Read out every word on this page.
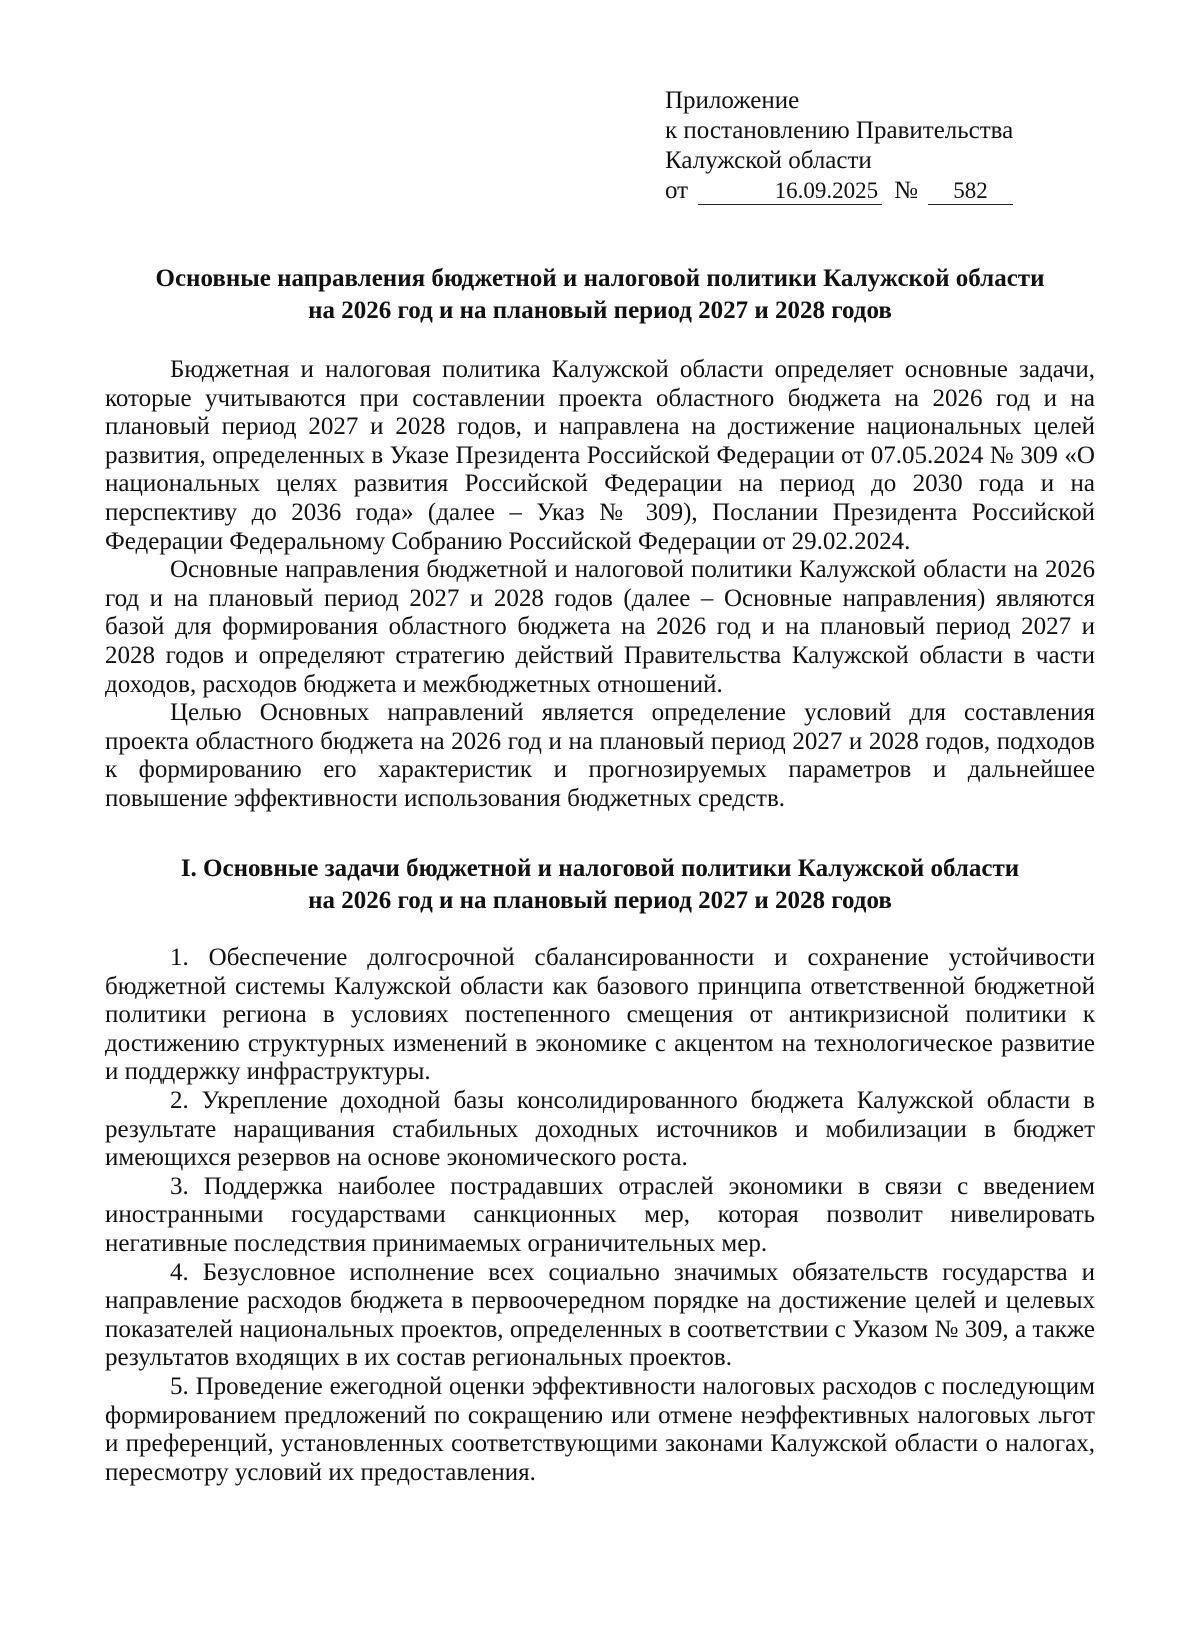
Приложение
к постановлению Правительства
Калужской области
от	16.09.2025 № 582
Основные направления бюджетной и налоговой политики Калужской области
на 2026 год и на плановый период 2027 и 2028 годов

Бюджетная и налоговая политика Калужской области определяет основные задачи, которые учитываются при составлении проекта областного бюджета на 2026 год и на плановый период 2027 и 2028 годов, и направлена на достижение национальных целей развития, определенных в Указе Президента Российской Федерации от 07.05.2024 № 309 «О национальных целях развития Российской Федерации на период до 2030 года и на перспективу до 2036 года» (далее – Указ № 309), Послании Президента Российской Федерации Федеральному Собранию Российской Федерации от 29.02.2024.

Основные направления бюджетной и налоговой политики Калужской области на 2026 год и на плановый период 2027 и 2028 годов (далее – Основные направления) являются базой для формирования областного бюджета на 2026 год и на плановый период 2027 и 2028 годов и определяют стратегию действий Правительства Калужской области в части доходов, расходов бюджета и межбюджетных отношений.

Целью Основных направлений является определение условий для составления проекта областного бюджета на 2026 год и на плановый период 2027 и 2028 годов, подходов к формированию его характеристик и прогнозируемых параметров и дальнейшее повышение эффективности использования бюджетных средств.

I. Основные задачи бюджетной и налоговой политики Калужской области
на 2026 год и на плановый период 2027 и 2028 годов

1. Обеспечение долгосрочной сбалансированности и сохранение устойчивости бюджетной системы Калужской области как базового принципа ответственной бюджетной политики региона в условиях постепенного смещения от антикризисной политики к достижению структурных изменений в экономике с акцентом на технологическое развитие и поддержку инфраструктуры.

2. Укрепление доходной базы консолидированного бюджета Калужской области в результате наращивания стабильных доходных источников и мобилизации в бюджет имеющихся резервов на основе экономического роста.

3. Поддержка наиболее пострадавших отраслей экономики в связи с введением иностранными государствами санкционных мер, которая позволит нивелировать негативные последствия принимаемых ограничительных мер.

4. Безусловное исполнение всех социально значимых обязательств государства и направление расходов бюджета в первоочередном порядке на достижение целей и целевых показателей национальных проектов, определенных в соответствии с Указом № 309, а также результатов входящих в их состав региональных проектов.

5. Проведение ежегодной оценки эффективности налоговых расходов с последующим формированием предложений по сокращению или отмене неэффективных налоговых льгот и преференций, установленных соответствующими законами Калужской области о налогах, пересмотру условий их предоставления.
